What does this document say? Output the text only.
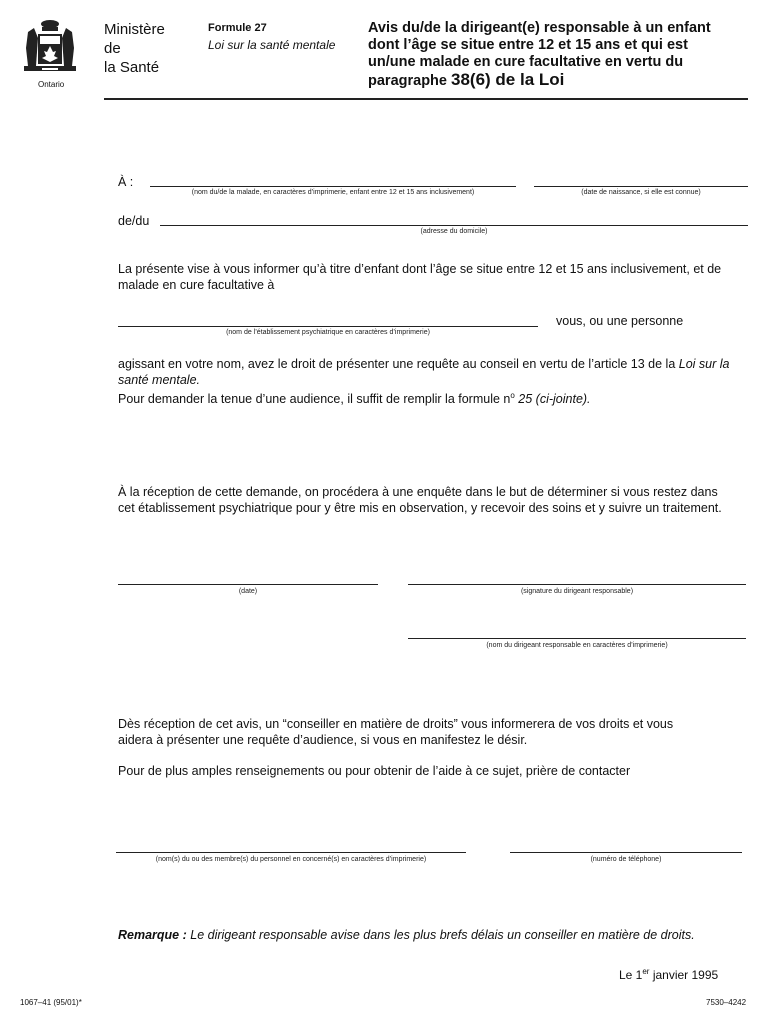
Ontario
Ministère
de
la Santé
Formule 27
Loi sur la santé mentale
Avis du/de la dirigeant(e) responsable à un enfant
dont l’âge se situe entre 12 et 15 ans et qui est
un/une malade en cure facultative en vertu du
paragraphe 38(6) de la Loi
À :
(nom du/de la malade, en caractères d’imprimerie, enfant entre 12 et 15 ans inclusivement)	(date de naissance, si elle est connue)
de/du
(adresse du domicile)
La présente vise à vous informer qu’à titre d’enfant dont l’âge se situe entre 12 et 15 ans inclusivement, et de
malade en cure facultative à
(nom de l’établissement psychiatrique en caractères d’imprimerie)
vous, ou une personne
agissant en votre nom, avez le droit de présenter une requête au conseil en vertu de l’article 13 de la Loi sur la
santé mentale.
Pour demander la tenue d’une audience, il suffit de remplir la formule $n^o$ 25 (ci-jointe).
À la réception de cette demande, on procédera à une enquête dans le but de déterminer si vous restez dans
cet établissement psychiatrique pour y être mis en observation, y recevoir des soins et y suivre un traitement.
(date)	(signature du dirigeant responsable)
(nom du dirigeant responsable en caractères d’imprimerie)
Dès réception de cet avis, un “conseiller en matière de droits” vous informerera de vos droits et vous
aidera à présenter une requête d’audience, si vous en manifestez le désir.
Pour de plus amples renseignements ou pour obtenir de l’aide à ce sujet, prière de contacter
(nom(s) du ou des membre(s) du personnel en concerné(s) en caractères d’imprimerie)	(numéro de téléphone)
Remarque : Le dirigeant responsable avise dans les plus brefs délais un conseiller en matière de droits.
Le 1er janvier 1995
1067–41 (95/01)*	7530–4242
